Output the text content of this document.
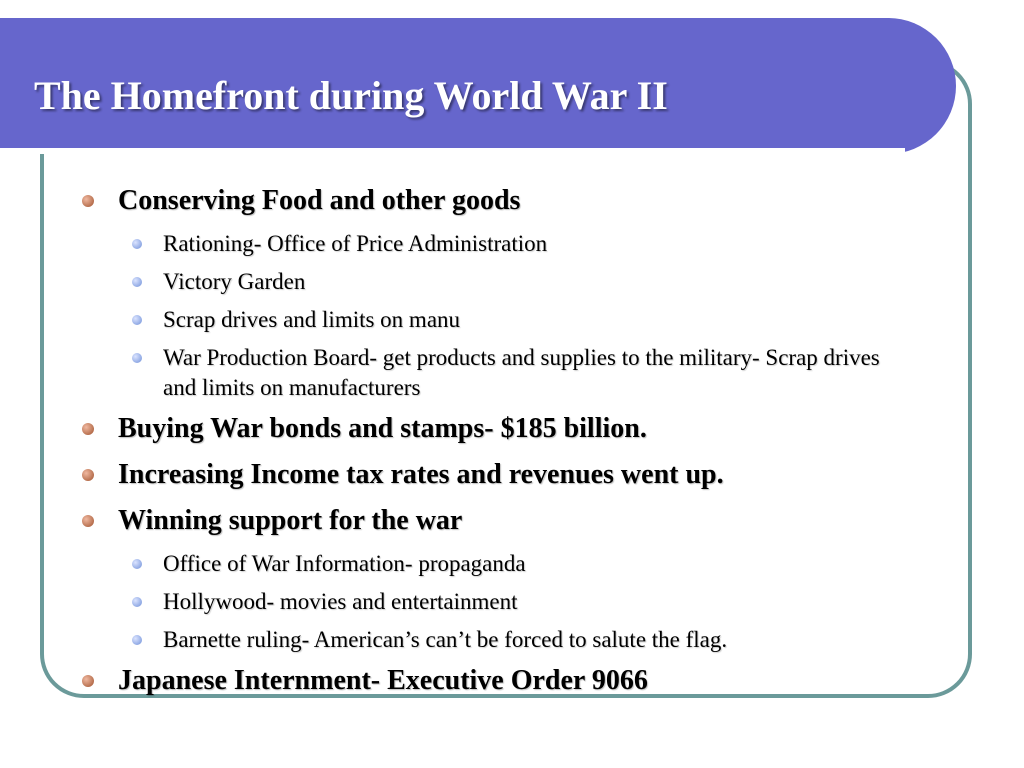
The Homefront during World War II
Conserving Food and other goods
Rationing- Office of Price Administration
Victory Garden
Scrap drives and limits on manu
War Production Board- get products and supplies to the military- Scrap drives and limits on manufacturers
Buying War bonds and stamps- $185 billion.
Increasing Income tax rates and revenues went up.
Winning support for the war
Office of War Information- propaganda
Hollywood- movies and entertainment
Barnette ruling- American’s can’t be forced to salute the flag.
Japanese Internment- Executive Order 9066
